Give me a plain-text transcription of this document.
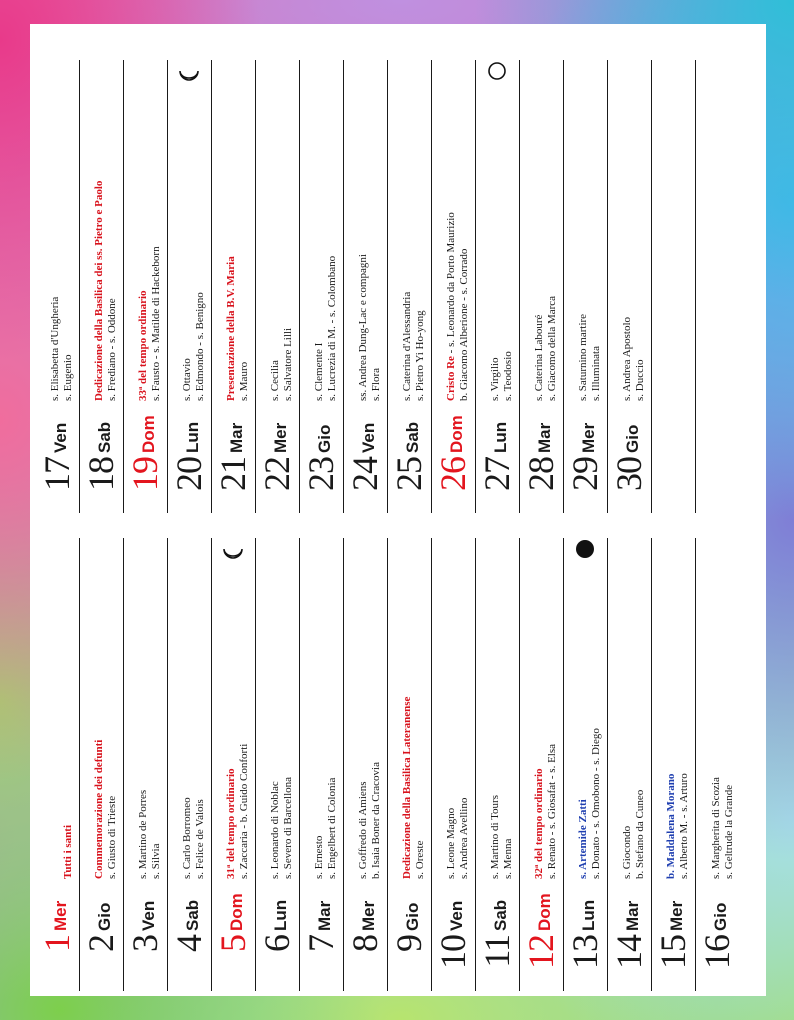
1
Mer
Tutti i santi
2
Gio
Commemorazione dei defunti s. Giusto di Trieste
3
Ven
s. Martino de Porres s. Silvia
4
Sab
s. Carlo Borromeo s. Felice de Valois
5
Dom
31ª del tempo ordinario s. Zaccaria - b. Guido Conforti
6
Lun
s. Leonardo di Noblac s. Severo di Barcellona
7
Mar
s. Ernesto s. Engelbert di Colonia
8
Mer
s. Goffredo di Amiens b. Isaia Boner da Cracovia
9
Gio
Dedicazione della Basilica Lateranense s. Oreste
10
Ven
s. Leone Magno s. Andrea Avellino
11
Sab
s. Martino di Tours s. Menna
12
Dom
32ª del tempo ordinario s. Renato - s. Giosafat - s. Elsa
13
Lun
s. Artemide Zatti s. Donato - s. Omobono - s. Diego
14
Mar
s. Giocondo b. Stefano da Cuneo
15
Mer
b. Maddalena Morano s. Alberto M. - s. Arturo
16
Gio
s. Margherita di Scozia s. Geltrude la Grande
17
Ven
s. Elisabetta d'Ungheria s. Eugenio
18
Sab
Dedicazione della Basilica dei ss. Pietro e Paolo s. Frediano - s. Oddone
19
Dom
33ª del tempo ordinario s. Fausto - s. Matilde di Hackeborn
20
Lun
s. Ottavio s. Edmondo - s. Benigno
21
Mar
Presentazione della B.V. Maria s. Mauro
22
Mer
s. Cecilia s. Salvatore Lilli
23
Gio
s. Clemente I s. Lucrezia di M. - s. Colombano
24
Ven
ss. Andrea Dung-Lac e compagni s. Flora
25
Sab
s. Caterina d'Alessandria s. Pietro Yi Ho-yong
26
Dom
Cristo Re - s. Leonardo da Porto Maurizio b. Giacomo Alberione - s. Corrado
27
Lun
s. Virgilio s. Teodosio
28
Mar
s. Caterina Labouré s. Giacomo della Marca
29
Mer
s. Saturnino martire s. Illuminata
30
Gio
s. Andrea Apostolo s. Duccio
